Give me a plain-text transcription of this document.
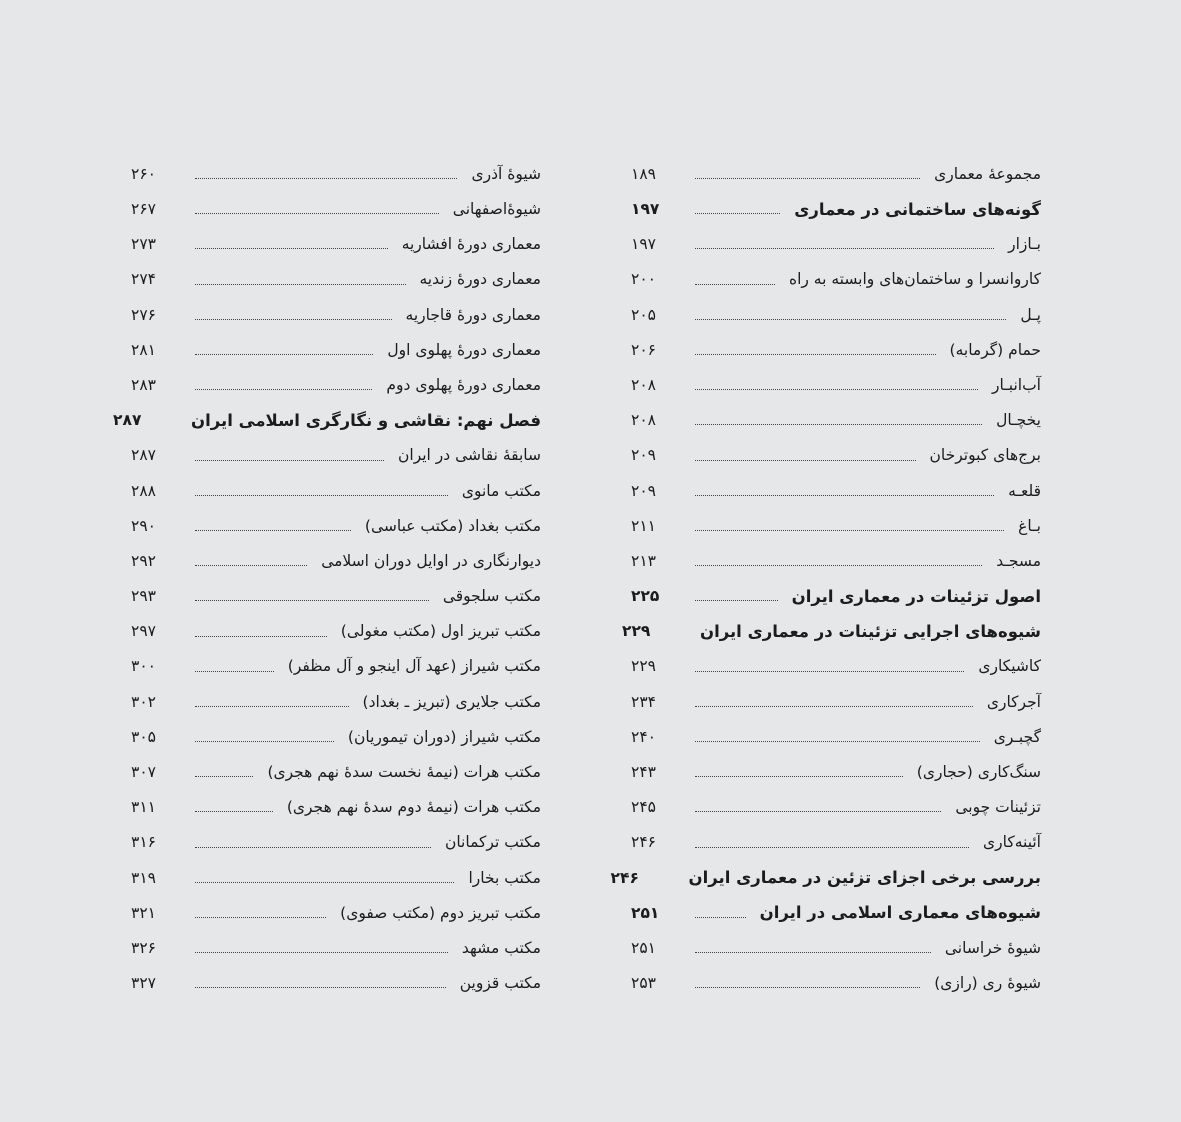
مجموعهٔ معماری
۱۸۹
گونه‌های ساختمانی در معماری
۱۹۷
بـازار
۱۹۷
کاروانسرا و ساختمان‌های وابسته به راه
۲۰۰
پـل
۲۰۵
حمام (گرمابه)
۲۰۶
آب‌انبـار
۲۰۸
یخچـال
۲۰۸
برج‌های کبوترخان
۲۰۹
قلعـه
۲۰۹
بـاغ
۲۱۱
مسجـد
۲۱۳
اصول تزئینات در معماری ایران
۲۲۵
شیوه‌های اجرایی تزئینات در معماری ایران
۲۲۹
کاشیکاری
۲۲۹
آجرکاری
۲۳۴
گچبـری
۲۴۰
سنگ‌کاری (حجاری)
۲۴۳
تزئینات چوبی
۲۴۵
آئینه‌کاری
۲۴۶
بررسی برخی اجزای تزئین در معماری ایران
۲۴۶
شیوه‌های معماری اسلامی در ایران
۲۵۱
شیوهٔ خراسانی
۲۵۱
شیوهٔ ری (رازی)
۲۵۳
شیوهٔ آذری
۲۶۰
شیوهٔ‌اصفهانی
۲۶۷
معماری دورهٔ افشاریه
۲۷۳
معماری دورهٔ زندیه
۲۷۴
معماری دورهٔ قاجاریه
۲۷۶
معماری دورهٔ پهلوی اول
۲۸۱
معماری دورهٔ پهلوی دوم
۲۸۳
فصل نهم: نقاشی و نگارگری اسلامی ایران
۲۸۷
سابقهٔ نقاشی در ایران
۲۸۷
مکتب مانوی
۲۸۸
مکتب بغداد (مکتب عباسی)
۲۹۰
دیوارنگاری در اوایل دوران اسلامی
۲۹۲
مکتب سلجوقی
۲۹۳
مکتب تبریز اول (مکتب مغولی)
۲۹۷
مکتب شیراز (عهد آل اینجو و آل مظفر)
۳۰۰
مکتب جلایری (تبریز ـ بغداد)
۳۰۲
مکتب شیراز (دوران تیموریان)
۳۰۵
مکتب هرات (نیمهٔ نخست سدهٔ نهم هجری)
۳۰۷
مکتب هرات (نیمهٔ دوم سدهٔ نهم هجری)
۳۱۱
مکتب ترکمانان
۳۱۶
مکتب بخارا
۳۱۹
مکتب تبریز دوم (مکتب صفوی)
۳۲۱
مکتب مشهد
۳۲۶
مکتب قزوین
۳۲۷
